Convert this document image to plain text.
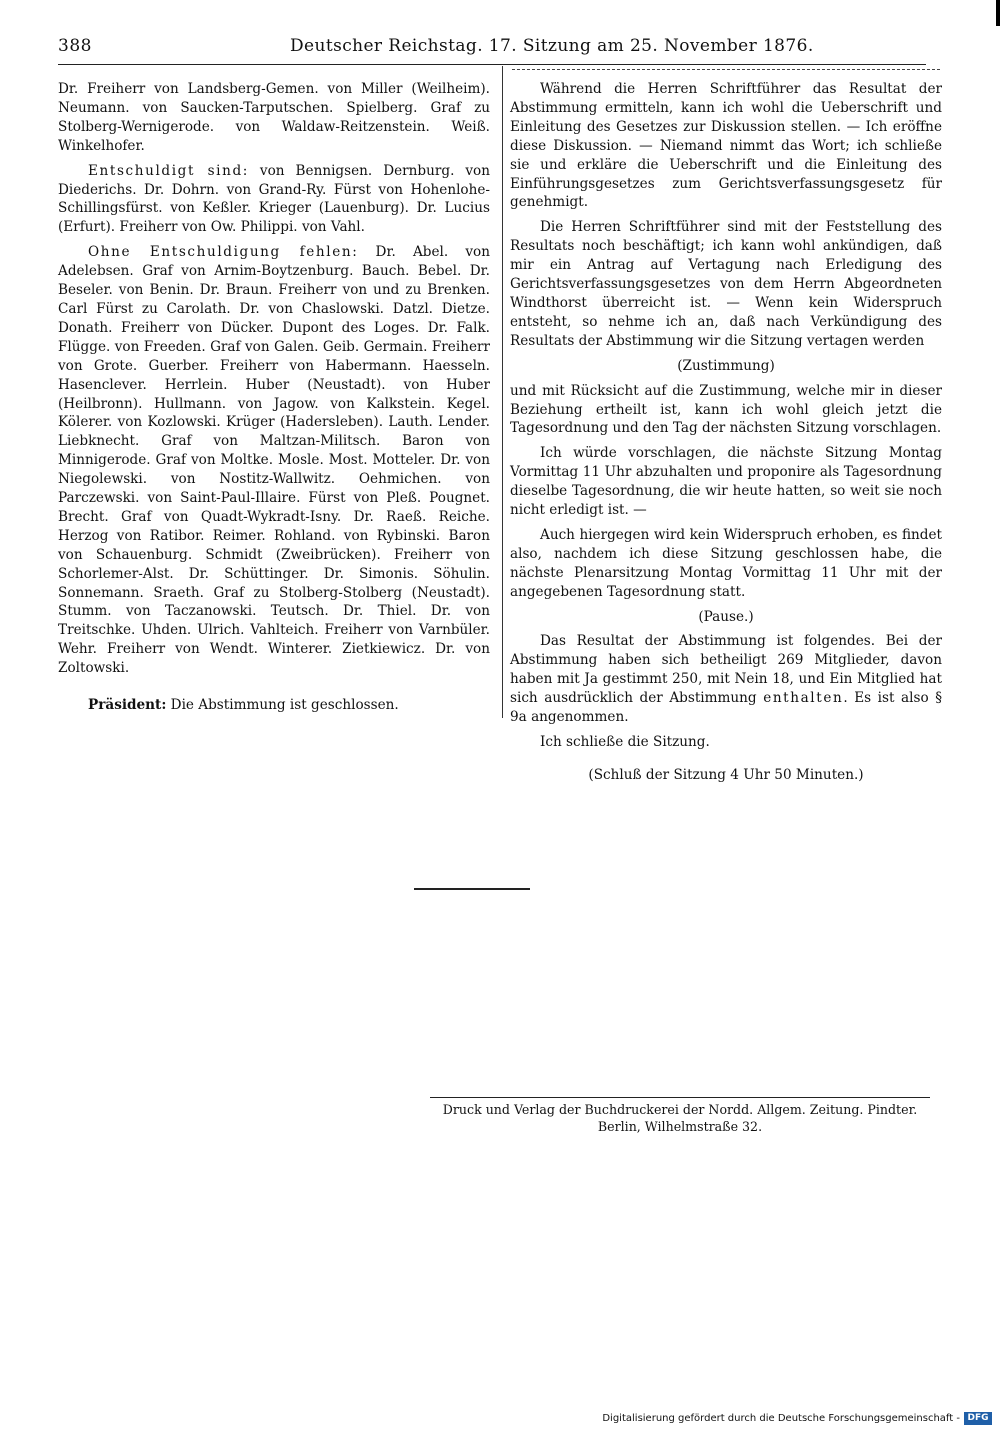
388	Deutscher Reichstag. 17. Sitzung am 25. November 1876.

Dr. Freiherr von Landsberg-Gemen. von Miller (Weilheim). Neumann. von Saucken-Tarputschen. Spielberg. Graf zu Stolberg-Wernigerode. von Waldaw-Reitzenstein. Weiß. Winkelhofer.

Entschuldigt sind: von Bennigsen. Dernburg. von Diederichs. Dr. Dohrn. von Grand-Ry. Fürst von Hohenlohe-Schillingsfürst. von Keßler. Krieger (Lauenburg). Dr. Lucius (Erfurt). Freiherr von Ow. Philippi. von Vahl.

Ohne Entschuldigung fehlen: Dr. Abel. von Adelebsen. Graf von Arnim-Boytzenburg. Bauch. Bebel. Dr. Beseler. von Benin. Dr. Braun. Freiherr von und zu Brenken. Carl Fürst zu Carolath. Dr. von Chaslowski. Datzl. Dietze. Donath. Freiherr von Dücker. Dupont des Loges. Dr. Falk. Flügge. von Freeden. Graf von Galen. Geib. Germain. Freiherr von Grote. Guerber. Freiherr von Habermann. Haesseln. Hasenclever. Herrlein. Huber (Neustadt). von Huber (Heilbronn). Hullmann. von Jagow. von Kalkstein. Kegel. Kölerer. von Kozlowski. Krüger (Hadersleben). Lauth. Lender. Liebknecht. Graf von Maltzan-Militsch. Baron von Minnigerode. Graf von Moltke. Mosle. Most. Motteler. Dr. von Niegolewski. von Nostitz-Wallwitz. Oehmichen. von Parczewski. von Saint-Paul-Illaire. Fürst von Pleß. Pougnet. Brecht. Graf von Quadt-Wykradt-Isny. Dr. Raeß. Reiche. Herzog von Ratibor. Reimer. Rohland. von Rybinski. Baron von Schauenburg. Schmidt (Zweibrücken). Freiherr von Schorlemer-Alst. Dr. Schüttinger. Dr. Simonis. Söhulin. Sonnemann. Sraeth. Graf zu Stolberg-Stolberg (Neustadt). Stumm. von Taczanowski. Teutsch. Dr. Thiel. Dr. von Treitschke. Uhden. Ulrich. Vahlteich. Freiherr von Varnbüler. Wehr. Freiherr von Wendt. Winterer. Zietkiewicz. Dr. von Zoltowski.

Präsident: Die Abstimmung ist geschlossen.

Während die Herren Schriftführer das Resultat der Abstimmung ermitteln, kann ich wohl die Ueberschrift und Einleitung des Gesetzes zur Diskussion stellen. — Ich eröffne diese Diskussion. — Niemand nimmt das Wort; ich schließe sie und erkläre die Ueberschrift und die Einleitung des Einführungsgesetzes zum Gerichtsverfassungsgesetz für genehmigt.

Die Herren Schriftführer sind mit der Feststellung des Resultats noch beschäftigt; ich kann wohl ankündigen, daß mir ein Antrag auf Vertagung nach Erledigung des Gerichtsverfassungsgesetzes von dem Herrn Abgeordneten Windthorst überreicht ist. — Wenn kein Widerspruch entsteht, so nehme ich an, daß nach Verkündigung des Resultats der Abstimmung wir die Sitzung vertagen werden

(Zustimmung)

und mit Rücksicht auf die Zustimmung, welche mir in dieser Beziehung ertheilt ist, kann ich wohl gleich jetzt die Tagesordnung und den Tag der nächsten Sitzung vorschlagen.

Ich würde vorschlagen, die nächste Sitzung Montag Vormittag 11 Uhr abzuhalten und proponire als Tagesordnung dieselbe Tagesordnung, die wir heute hatten, so weit sie noch nicht erledigt ist. —

Auch hiergegen wird kein Widerspruch erhoben, es findet also, nachdem ich diese Sitzung geschlossen habe, die nächste Plenarsitzung Montag Vormittag 11 Uhr mit der angegebenen Tagesordnung statt.

(Pause.)

Das Resultat der Abstimmung ist folgendes. Bei der Abstimmung haben sich betheiligt 269 Mitglieder, davon haben mit Ja gestimmt 250, mit Nein 18, und Ein Mitglied hat sich ausdrücklich der Abstimmung enthalten. Es ist also § 9a angenommen.

Ich schließe die Sitzung.

(Schluß der Sitzung 4 Uhr 50 Minuten.)

Druck und Verlag der Buchdruckerei der Nordd. Allgem. Zeitung. Pindter.
Berlin, Wilhelmstraße 32.
Digitalisierung gefördert durch die Deutsche Forschungsgemeinschaft - DFG
